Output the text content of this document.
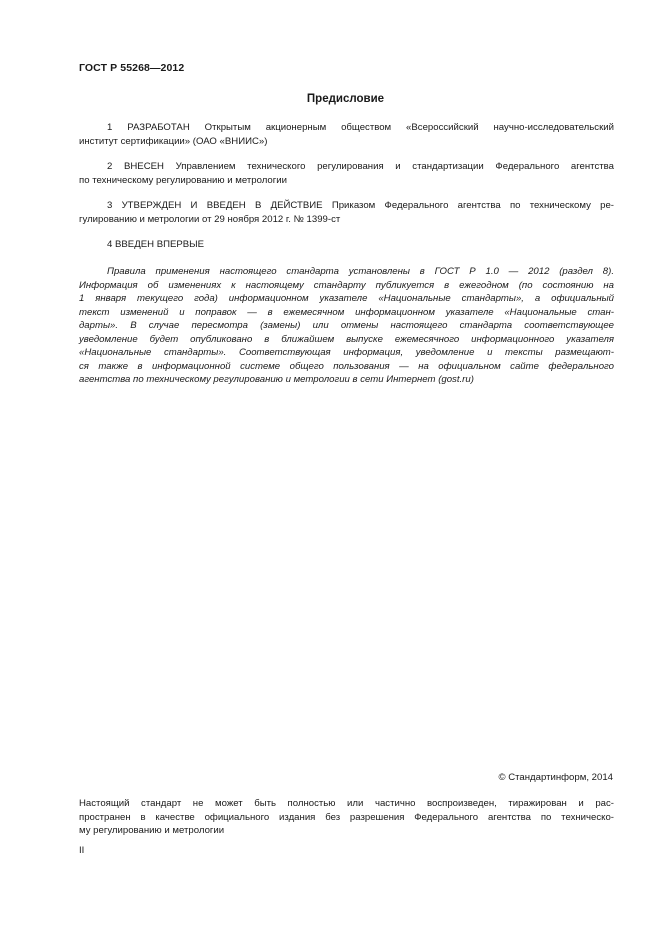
ГОСТ Р 55268—2012
Предисловие

1 РАЗРАБОТАН Открытым акционерным обществом «Всероссийский научно-исследовательский
институт сертификации» (ОАО «ВНИИС»)

2 ВНЕСЕН Управлением технического регулирования и стандартизации Федерального агентства
по техническому регулированию и метрологии

3 УТВЕРЖДЕН И ВВЕДЕН В ДЕЙСТВИЕ Приказом Федерального агентства по техническому ре-
гулированию и метрологии от 29 ноября 2012 г. № 1399-ст

4 ВВЕДЕН ВПЕРВЫЕ

Правила применения настоящего стандарта установлены в ГОСТ Р 1.0 — 2012 (раздел 8).
Информация об изменениях к настоящему стандарту публикуется в ежегодном (по состоянию на
1 января текущего года) информационном указателе «Национальные стандарты», а официальный
текст изменений и поправок — в ежемесячном информационном указателе «Национальные стан-
дарты». В случае пересмотра (замены) или отмены настоящего стандарта соответствующее
уведомление будет опубликовано в ближайшем выпуске ежемесячного информационного указателя
«Национальные стандарты». Соответствующая информация, уведомление и тексты размещают-
ся также в информационной системе общего пользования — на официальном сайте федерального
агентства по техническому регулированию и метрологии в сети Интернет (gost.ru)

© Стандартинформ, 2014

Настоящий стандарт не может быть полностью или частично воспроизведен, тиражирован и рас-
пространен в качестве официального издания без разрешения Федерального агентства по техническо-
му регулированию и метрологии

II
